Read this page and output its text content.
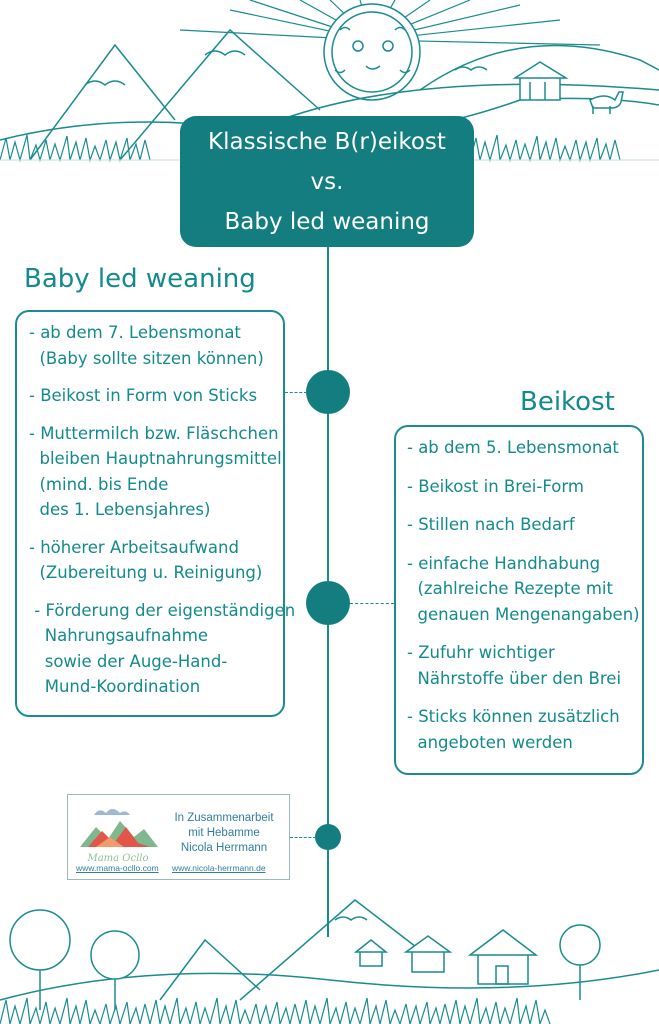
Klassische B(r)eikost
vs.
Baby led weaning
Baby led weaning
- ab dem 7. Lebensmonat
(Baby sollte sitzen können)
- Beikost in Form von Sticks
- Muttermilch bzw. Fläschchen
bleiben Hauptnahrungsmittel
(mind. bis Ende
des 1. Lebensjahres)
- höherer Arbeitsaufwand
(Zubereitung u. Reinigung)
- Förderung der eigenständigen
Nahrungsaufnahme
sowie der Auge-Hand-
Mund-Koordination
Beikost
- ab dem 5. Lebensmonat
- Beikost in Brei-Form
- Stillen nach Bedarf
- einfache Handhabung
(zahlreiche Rezepte mit
genauen Mengenangaben)
- Zufuhr wichtiger
Nährstoffe über den Brei
- Sticks können zusätzlich
angeboten werden
Mama Ocllo
In Zusammenarbeit
mit Hebamme
Nicola Herrmann
www.mama-ocllo.com www.nicola-herrmann.de
